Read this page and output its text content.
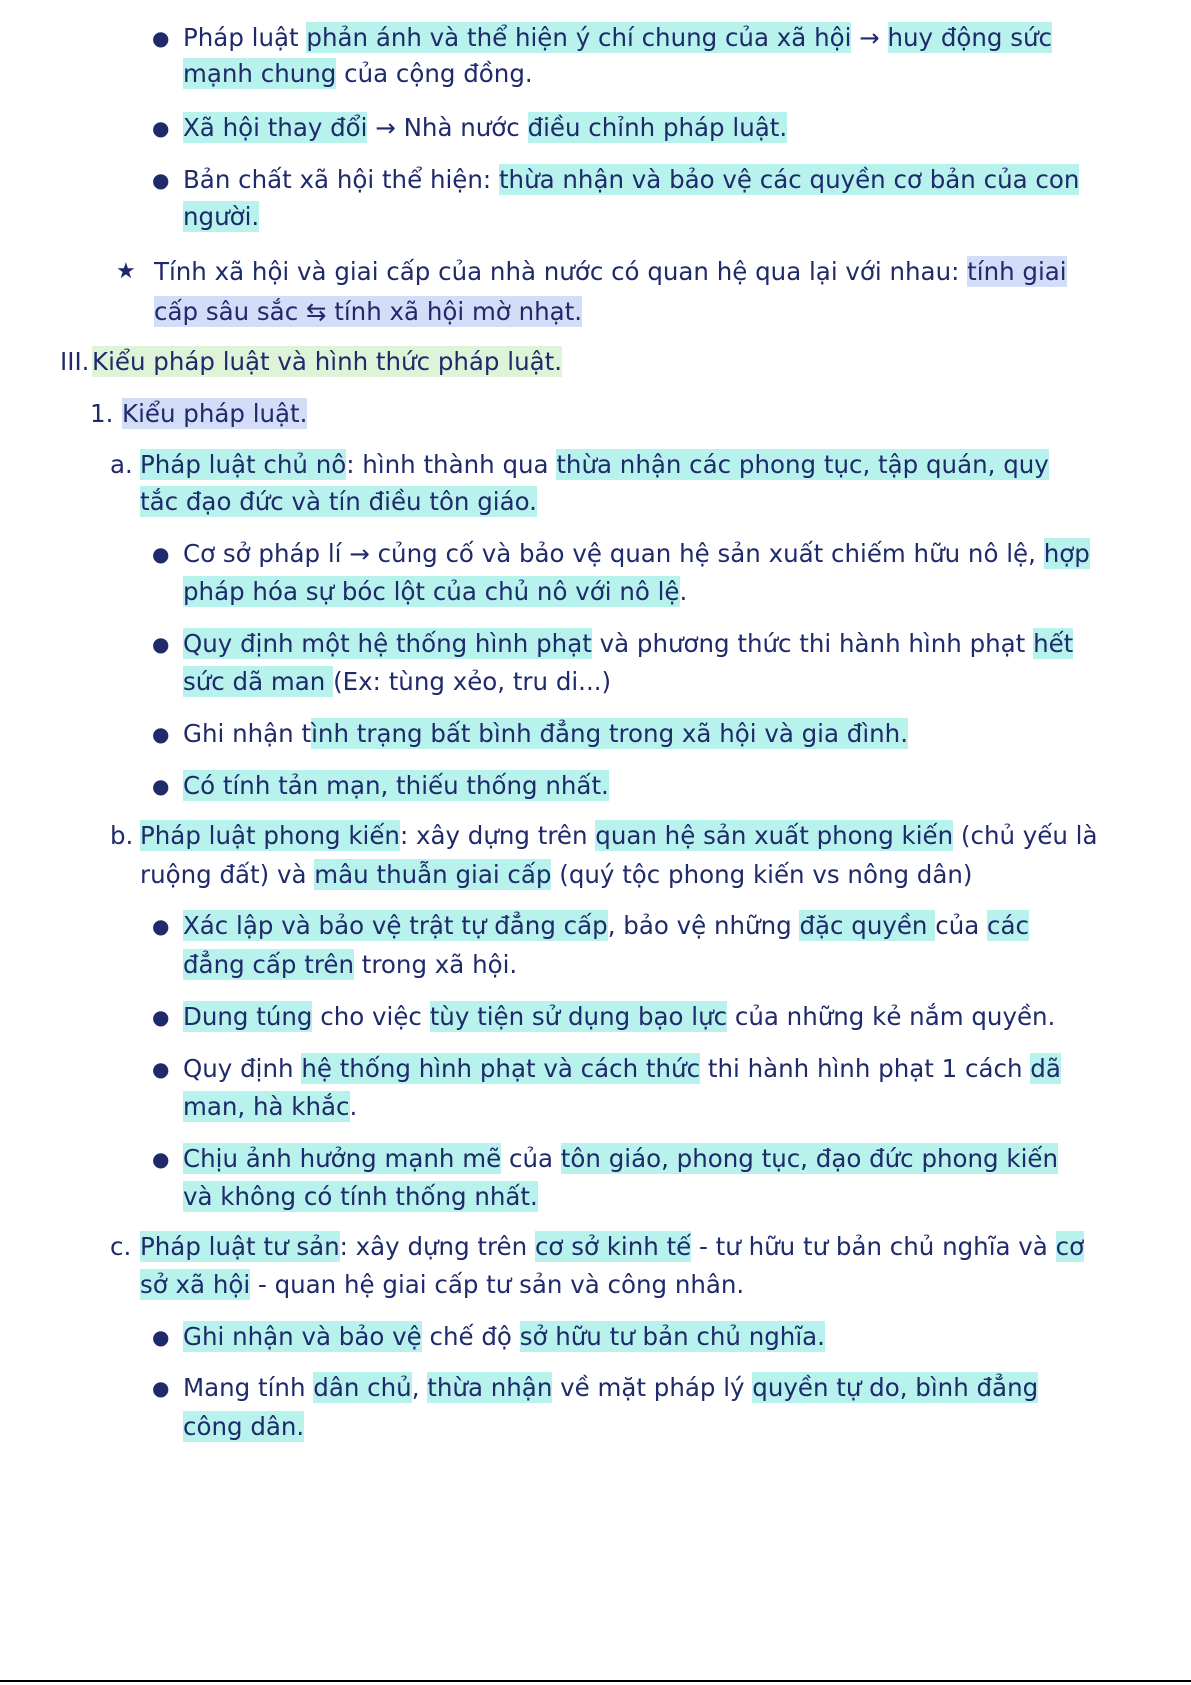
● Pháp luật phản ánh và thể hiện ý chí chung của xã hội → huy động sức
mạnh chung của cộng đồng.
● Xã hội thay đổi → Nhà nước điều chỉnh pháp luật.
● Bản chất xã hội thể hiện: thừa nhận và bảo vệ các quyền cơ bản của con
người.
★ Tính xã hội và giai cấp của nhà nước có quan hệ qua lại với nhau: tính giai
cấp sâu sắc ⇆ tính xã hội mờ nhạt.
III. Kiểu pháp luật và hình thức pháp luật.
1. Kiểu pháp luật.
a. Pháp luật chủ nô: hình thành qua thừa nhận các phong tục, tập quán, quy
tắc đạo đức và tín điều tôn giáo.
● Cơ sở pháp lí → củng cố và bảo vệ quan hệ sản xuất chiếm hữu nô lệ, hợp
pháp hóa sự bóc lột của chủ nô với nô lệ.
● Quy định một hệ thống hình phạt và phương thức thi hành hình phạt hết
sức dã man (Ex: tùng xẻo, tru di...)
● Ghi nhận tình trạng bất bình đẳng trong xã hội và gia đình.
● Có tính tản mạn, thiếu thống nhất.
b. Pháp luật phong kiến: xây dựng trên quan hệ sản xuất phong kiến (chủ yếu là
ruộng đất) và mâu thuẫn giai cấp (quý tộc phong kiến vs nông dân)
● Xác lập và bảo vệ trật tự đẳng cấp, bảo vệ những đặc quyền của các
đẳng cấp trên trong xã hội.
● Dung túng cho việc tùy tiện sử dụng bạo lực của những kẻ nắm quyền.
● Quy định hệ thống hình phạt và cách thức thi hành hình phạt 1 cách dã
man, hà khắc.
● Chịu ảnh hưởng mạnh mẽ của tôn giáo, phong tục, đạo đức phong kiến
và không có tính thống nhất.
c. Pháp luật tư sản: xây dựng trên cơ sở kinh tế - tư hữu tư bản chủ nghĩa và cơ
sở xã hội - quan hệ giai cấp tư sản và công nhân.
● Ghi nhận và bảo vệ chế độ sở hữu tư bản chủ nghĩa.
● Mang tính dân chủ, thừa nhận về mặt pháp lý quyền tự do, bình đẳng
công dân.
